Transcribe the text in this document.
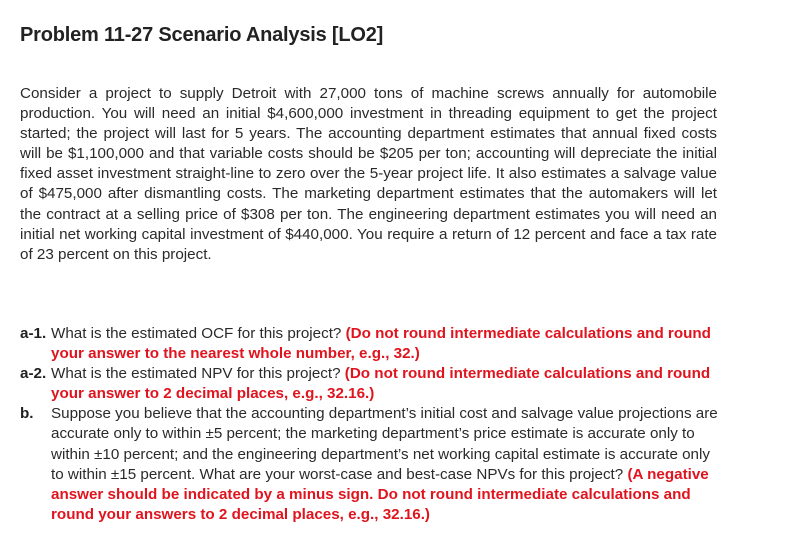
Problem 11-27 Scenario Analysis [LO2]

Consider a project to supply Detroit with 27,000 tons of machine screws annually for automobile production. You will need an initial $4,600,000 investment in threading equipment to get the project started; the project will last for 5 years. The accounting department estimates that annual fixed costs will be $1,100,000 and that variable costs should be $205 per ton; accounting will depreciate the initial fixed asset investment straight-line to zero over the 5-year project life. It also estimates a salvage value of $475,000 after dismantling costs. The marketing department estimates that the automakers will let the contract at a selling price of $308 per ton. The engineering department estimates you will need an initial net working capital investment of $440,000. You require a return of 12 percent and face a tax rate of 23 percent on this project.

a-1. What is the estimated OCF for this project? (Do not round intermediate calculations and round your answer to the nearest whole number, e.g., 32.)
a-2. What is the estimated NPV for this project? (Do not round intermediate calculations and round your answer to 2 decimal places, e.g., 32.16.)
b. Suppose you believe that the accounting department’s initial cost and salvage value projections are accurate only to within ±5 percent; the marketing department’s price estimate is accurate only to within ±10 percent; and the engineering department’s net working capital estimate is accurate only to within ±15 percent. What are your worst-case and best-case NPVs for this project? (A negative answer should be indicated by a minus sign. Do not round intermediate calculations and round your answers to 2 decimal places, e.g., 32.16.)
